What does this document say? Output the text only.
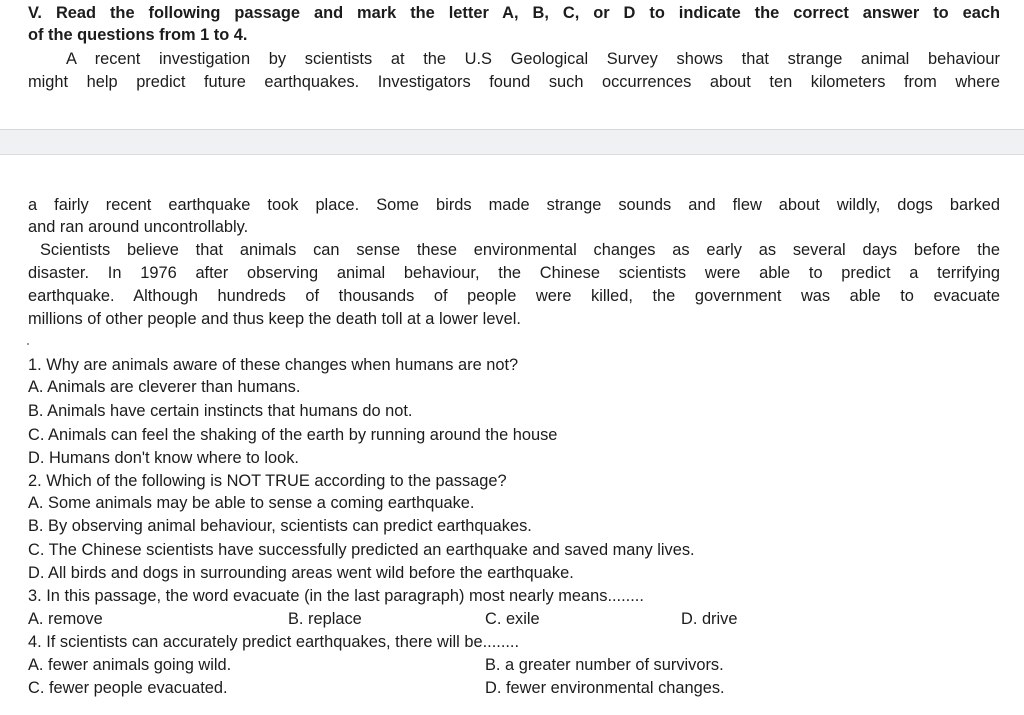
V. Read the following passage and mark the letter A, B, C, or D to indicate the correct answer to each
of the questions from 1 to 4.
A recent investigation by scientists at the U.S Geological Survey shows that strange animal behaviour
might help predict future earthquakes. Investigators found such occurrences about ten kilometers from where
a fairly recent earthquake took place. Some birds made strange sounds and flew about wildly, dogs barked
and ran around uncontrollably.
Scientists believe that animals can sense these environmental changes as early as several days before the
disaster. In 1976 after observing animal behaviour, the Chinese scientists were able to predict a terrifying
earthquake. Although hundreds of thousands of people were killed, the government was able to evacuate
millions of other people and thus keep the death toll at a lower level.
1. Why are animals aware of these changes when humans are not?
A. Animals are cleverer than humans.
B. Animals have certain instincts that humans do not.
C. Animals can feel the shaking of the earth by running around the house
D. Humans don't know where to look.
2. Which of the following is NOT TRUE according to the passage?
A. Some animals may be able to sense a coming earthquake.
B. By observing animal behaviour, scientists can predict earthquakes.
C. The Chinese scientists have successfully predicted an earthquake and saved many lives.
D. All birds and dogs in surrounding areas went wild before the earthquake.
3. In this passage, the word evacuate (in the last paragraph) most nearly means........
A. remove	B. replace	C. exile	D. drive
4. If scientists can accurately predict earthquakes, there will be........
A. fewer animals going wild.	B. a greater number of survivors.
C. fewer people evacuated.	D. fewer environmental changes.
